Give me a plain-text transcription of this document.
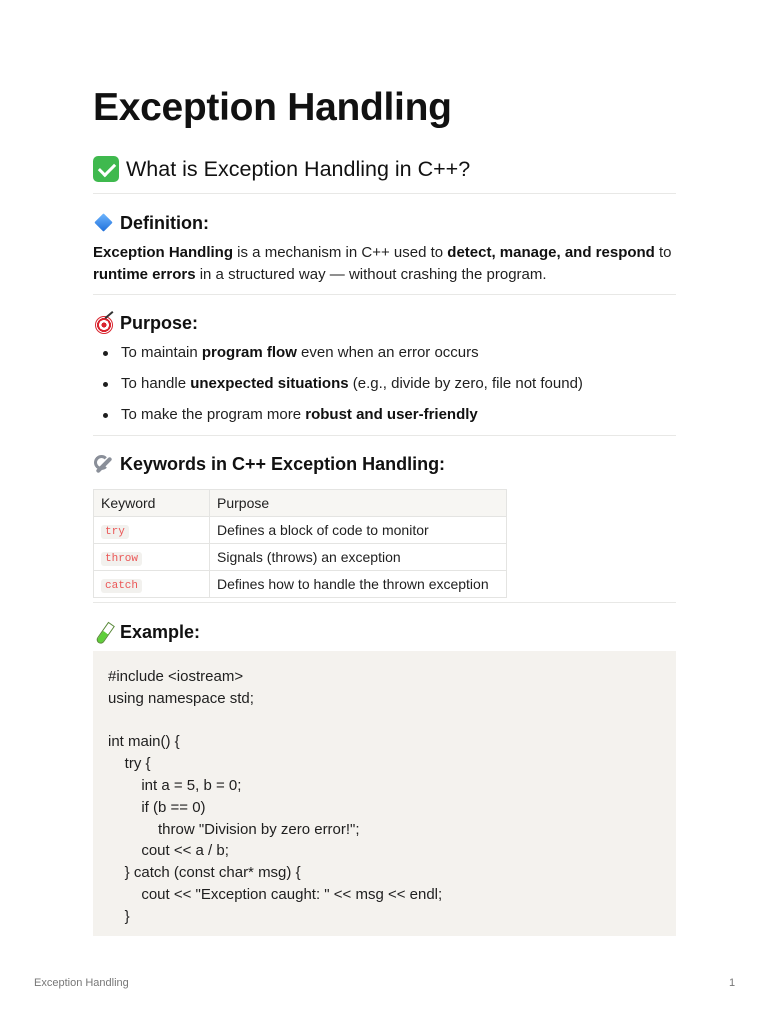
Exception Handling
What is Exception Handling in C++?
Definition:
Exception Handling is a mechanism in C++ used to detect, manage, and respond to runtime errors in a structured way — without crashing the program.
Purpose:
To maintain program flow even when an error occurs
To handle unexpected situations (e.g., divide by zero, file not found)
To make the program more robust and user-friendly
Keywords in C++ Exception Handling:
Keyword	Purpose
try	Defines a block of code to monitor
throw	Signals (throws) an exception
catch	Defines how to handle the thrown exception
Example:
#include <iostream>
using namespace std;
int main() {
try {
int a = 5, b = 0;
if (b == 0)
throw "Division by zero error!";
cout << a / b;
} catch (const char* msg) {
cout << "Exception caught: " << msg << endl;
}
Exception Handling	1
